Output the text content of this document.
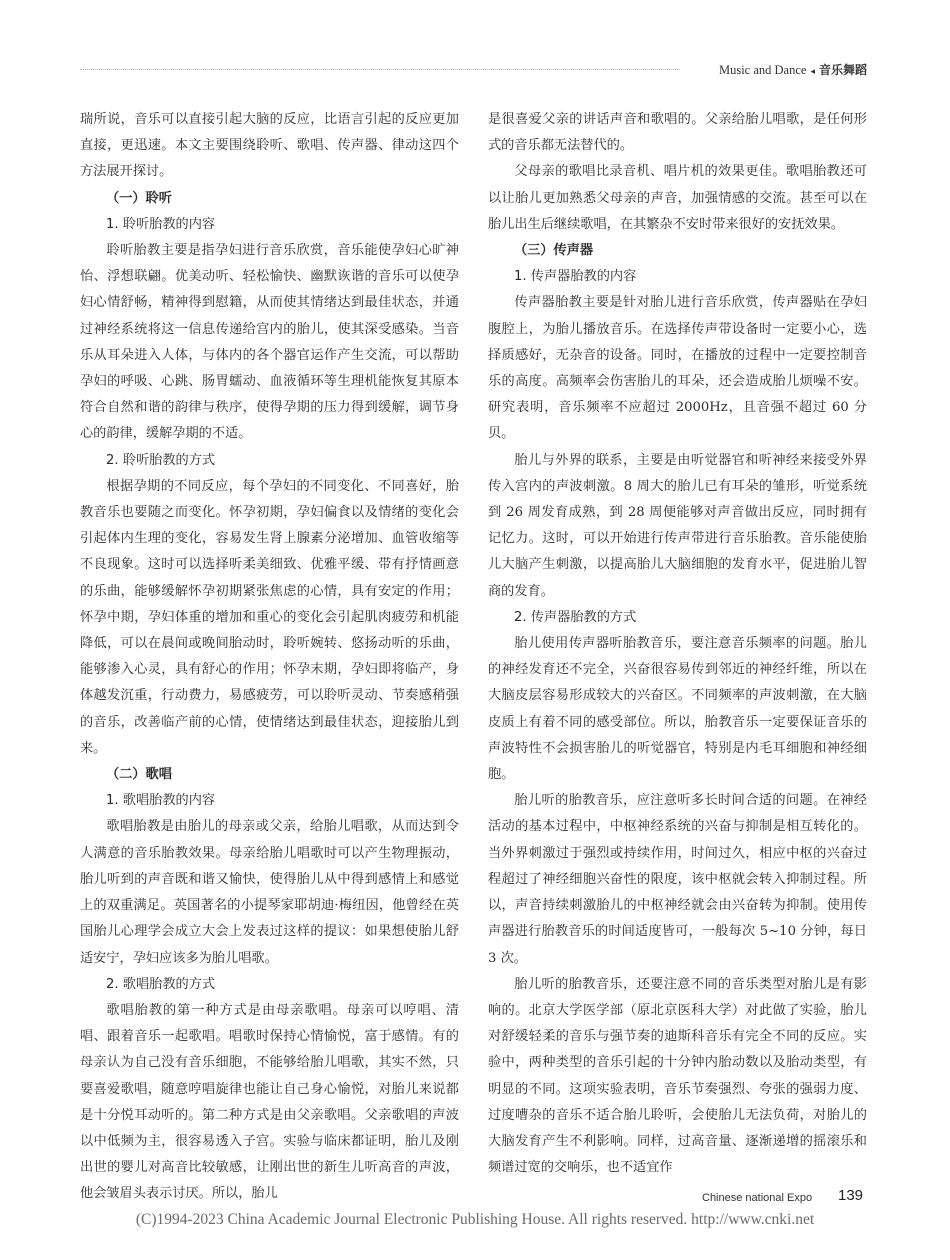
Music and Dance ◂ 音乐舞蹈

瑞所说，音乐可以直接引起大脑的反应，比语言引起的反应更加直接，更迅速。本文主要围绕聆听、歌唱、传声器、律动这四个方法展开探讨。

（一）聆听
1. 聆听胎教的内容

聆听胎教主要是指孕妇进行音乐欣赏，音乐能使孕妇心旷神怡、浮想联翩。优美动听、轻松愉快、幽默诙谐的音乐可以使孕妇心情舒畅，精神得到慰籍，从而使其情绪达到最佳状态，并通过神经系统将这一信息传递给宫内的胎儿，使其深受感染。当音乐从耳朵进入人体，与体内的各个器官运作产生交流，可以帮助孕妇的呼吸、心跳、肠胃蠕动、血液循环等生理机能恢复其原本符合自然和谐的韵律与秩序，使得孕期的压力得到缓解，调节身心的韵律，缓解孕期的不适。

2. 聆听胎教的方式

根据孕期的不同反应，每个孕妇的不同变化、不同喜好，胎教音乐也要随之而变化。怀孕初期，孕妇偏食以及情绪的变化会引起体内生理的变化，容易发生肾上腺素分泌增加、血管收缩等不良现象。这时可以选择听柔美细致、优雅平缓、带有抒情画意的乐曲，能够缓解怀孕初期紧张焦虑的心情，具有安定的作用；怀孕中期，孕妇体重的增加和重心的变化会引起肌肉疲劳和机能降低，可以在晨间或晚间胎动时，聆听婉转、悠扬动听的乐曲，能够渗入心灵，具有舒心的作用；怀孕末期，孕妇即将临产，身体越发沉重，行动费力，易感疲劳，可以聆听灵动、节奏感稍强的音乐，改善临产前的心情，使情绪达到最佳状态，迎接胎儿到来。

（二）歌唱
1. 歌唱胎教的内容

歌唱胎教是由胎儿的母亲或父亲，给胎儿唱歌，从而达到令人满意的音乐胎教效果。母亲给胎儿唱歌时可以产生物理振动，胎儿听到的声音既和谐又愉快，使得胎儿从中得到感情上和感觉上的双重满足。英国著名的小提琴家耶胡迪·梅纽因，他曾经在英国胎儿心理学会成立大会上发表过这样的提议：如果想使胎儿舒适安宁，孕妇应该多为胎儿唱歌。

2. 歌唱胎教的方式

歌唱胎教的第一种方式是由母亲歌唱。母亲可以哼唱、清唱、跟着音乐一起歌唱。唱歌时保持心情愉悦，富于感情。有的母亲认为自己没有音乐细胞，不能够给胎儿唱歌，其实不然，只要喜爱歌唱，随意哼唱旋律也能让自己身心愉悦，对胎儿来说都是十分悦耳动听的。第二种方式是由父亲歌唱。父亲歌唱的声波以中低频为主，很容易透入子宫。实验与临床都证明，胎儿及刚出世的婴儿对高音比较敏感，让刚出世的新生儿听高音的声波，他会皱眉头表示讨厌。所以，胎儿

是很喜爱父亲的讲话声音和歌唱的。父亲给胎儿唱歌，是任何形式的音乐都无法替代的。

父母亲的歌唱比录音机、唱片机的效果更佳。歌唱胎教还可以让胎儿更加熟悉父母亲的声音，加强情感的交流。甚至可以在胎儿出生后继续歌唱，在其繁杂不安时带来很好的安抚效果。

（三）传声器
1. 传声器胎教的内容

传声器胎教主要是针对胎儿进行音乐欣赏，传声器贴在孕妇腹腔上，为胎儿播放音乐。在选择传声带设备时一定要小心，选择质感好，无杂音的设备。同时，在播放的过程中一定要控制音乐的高度。高频率会伤害胎儿的耳朵，还会造成胎儿烦噪不安。研究表明，音乐频率不应超过 2000Hz，且音强不超过 60 分贝。

胎儿与外界的联系，主要是由听觉器官和听神经来接受外界传入宫内的声波刺激。8 周大的胎儿已有耳朵的雏形，听觉系统到 26 周发育成熟，到 28 周便能够对声音做出反应，同时拥有记忆力。这时，可以开始进行传声带进行音乐胎教。音乐能使胎儿大脑产生刺激，以提高胎儿大脑细胞的发育水平，促进胎儿智商的发育。

2. 传声器胎教的方式

胎儿使用传声器听胎教音乐，要注意音乐频率的问题。胎儿的神经发育还不完全，兴奋很容易传到邻近的神经纤维，所以在大脑皮层容易形成较大的兴奋区。不同频率的声波刺激，在大脑皮质上有着不同的感受部位。所以，胎教音乐一定要保证音乐的声波特性不会损害胎儿的听觉器官，特别是内毛耳细胞和神经细胞。

胎儿听的胎教音乐，应注意听多长时间合适的问题。在神经活动的基本过程中，中枢神经系统的兴奋与抑制是相互转化的。当外界刺激过于强烈或持续作用，时间过久，相应中枢的兴奋过程超过了神经细胞兴奋性的限度，该中枢就会转入抑制过程。所以，声音持续刺激胎儿的中枢神经就会由兴奋转为抑制。使用传声器进行胎教音乐的时间适度皆可，一般每次 5~10 分钟，每日 3 次。

胎儿听的胎教音乐，还要注意不同的音乐类型对胎儿是有影响的。北京大学医学部（原北京医科大学）对此做了实验，胎儿对舒缓轻柔的音乐与强节奏的迪斯科音乐有完全不同的反应。实验中，两种类型的音乐引起的十分钟内胎动数以及胎动类型，有明显的不同。这项实验表明，音乐节奏强烈、夸张的强弱力度、过度嘈杂的音乐不适合胎儿聆听，会使胎儿无法负荷，对胎儿的大脑发育产生不利影响。同样，过高音量、逐渐递增的摇滚乐和频谱过宽的交响乐，也不适宜作

Chinese national Expo 139
(C)1994-2023 China Academic Journal Electronic Publishing House. All rights reserved. http://www.cnki.net
